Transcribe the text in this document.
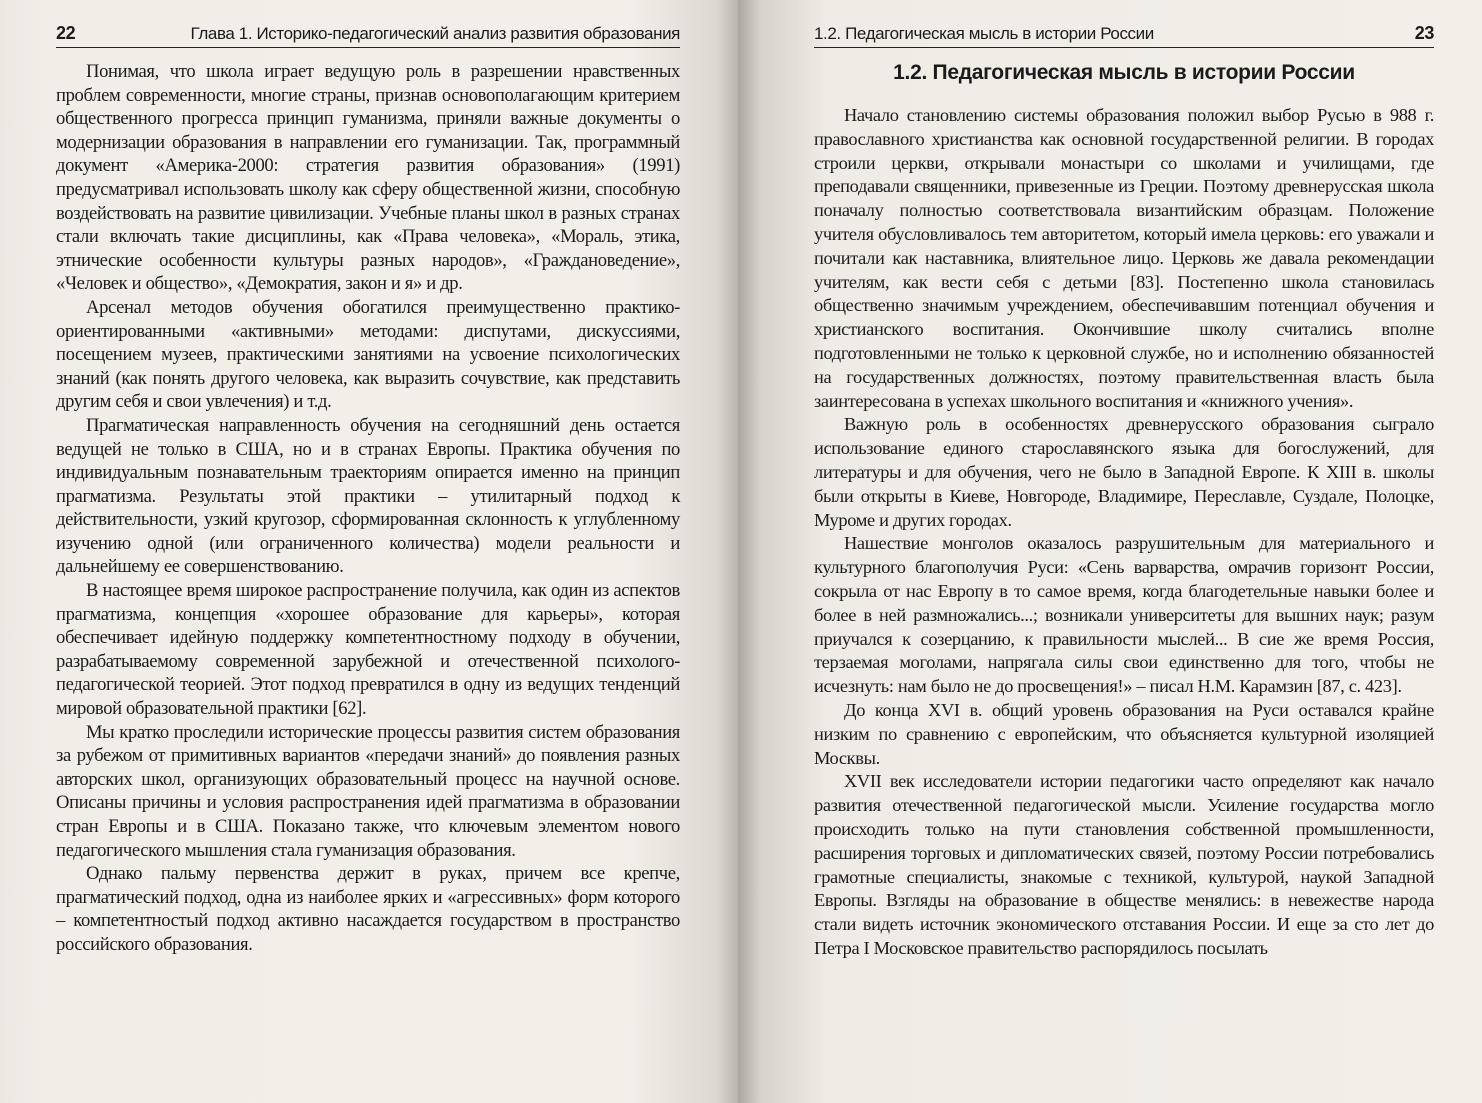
22	Глава 1. Историко-педагогический анализ развития образования

Понимая, что школа играет ведущую роль в разрешении нравственных проблем современности, многие страны, признав основополагающим критерием общественного прогресса принцип гуманизма, приняли важные документы о модернизации образования в направлении его гуманизации. Так, программный документ «Америка-2000: стратегия развития образования» (1991) предусматривал использовать школу как сферу общественной жизни, способную воздействовать на развитие цивилизации. Учебные планы школ в разных странах стали включать такие дисциплины, как «Права человека», «Мораль, этика, этнические особенности культуры разных народов», «Граждановедение», «Человек и общество», «Демократия, закон и я» и др.

Арсенал методов обучения обогатился преимущественно практико-ориентированными «активными» методами: диспутами, дискуссиями, посещением музеев, практическими занятиями на усвоение психологических знаний (как понять другого человека, как выразить сочувствие, как представить другим себя и свои увлечения) и т.д.

Прагматическая направленность обучения на сегодняшний день остается ведущей не только в США, но и в странах Европы. Практика обучения по индивидуальным познавательным траекториям опирается именно на принцип прагматизма. Результаты этой практики – утилитарный подход к действительности, узкий кругозор, сформированная склонность к углубленному изучению одной (или ограниченного количества) модели реальности и дальнейшему ее совершенствованию.

В настоящее время широкое распространение получила, как один из аспектов прагматизма, концепция «хорошее образование для карьеры», которая обеспечивает идейную поддержку компетентностному подходу в обучении, разрабатываемому современной зарубежной и отечественной психолого-педагогической теорией. Этот подход превратился в одну из ведущих тенденций мировой образовательной практики [62].

Мы кратко проследили исторические процессы развития систем образования за рубежом от примитивных вариантов «передачи знаний» до появления разных авторских школ, организующих образовательный процесс на научной основе. Описаны причины и условия распространения идей прагматизма в образовании стран Европы и в США. Показано также, что ключевым элементом нового педагогического мышления стала гуманизация образования.

Однако пальму первенства держит в руках, причем все крепче, прагматический подход, одна из наиболее ярких и «агрессивных» форм которого – компетентностый подход активно насаждается государством в пространство российского образования.

1.2. Педагогическая мысль в истории России	23
1.2. Педагогическая мысль в истории России

Начало становлению системы образования положил выбор Русью в 988 г. православного христианства как основной государственной религии. В городах строили церкви, открывали монастыри со школами и училищами, где преподавали священники, привезенные из Греции. Поэтому древнерусская школа поначалу полностью соответствовала византийским образцам. Положение учителя обусловливалось тем авторитетом, который имела церковь: его уважали и почитали как наставника, влиятельное лицо. Церковь же давала рекомендации учителям, как вести себя с детьми [83]. Постепенно школа становилась общественно значимым учреждением, обеспечивавшим потенциал обучения и христианского воспитания. Окончившие школу считались вполне подготовленными не только к церковной службе, но и исполнению обязанностей на государственных должностях, поэтому правительственная власть была заинтересована в успехах школьного воспитания и «книжного учения».

Важную роль в особенностях древнерусского образования сыграло использование единого старославянского языка для богослужений, для литературы и для обучения, чего не было в Западной Европе. К XIII в. школы были открыты в Киеве, Новгороде, Владимире, Переславле, Суздале, Полоцке, Муроме и других городах.

Нашествие монголов оказалось разрушительным для материального и культурного благополучия Руси: «Сень варварства, омрачив горизонт России, сокрыла от нас Европу в то самое время, когда благодетельные навыки более и более в ней размножались...; возникали университеты для вышних наук; разум приучался к созерцанию, к правильности мыслей... В сие же время Россия, терзаемая моголами, напрягала силы свои единственно для того, чтобы не исчезнуть: нам было не до просвещения!» – писал Н.М. Карамзин [87, с. 423].

До конца XVI в. общий уровень образования на Руси оставался крайне низким по сравнению с европейским, что объясняется культурной изоляцией Москвы.

XVII век исследователи истории педагогики часто определяют как начало развития отечественной педагогической мысли. Усиление государства могло происходить только на пути становления собственной промышленности, расширения торговых и дипломатических связей, поэтому России потребовались грамотные специалисты, знакомые с техникой, культурой, наукой Западной Европы. Взгляды на образование в обществе менялись: в невежестве народа стали видеть источник экономического отставания России. И еще за сто лет до Петра I Московское правительство распорядилось посылать
